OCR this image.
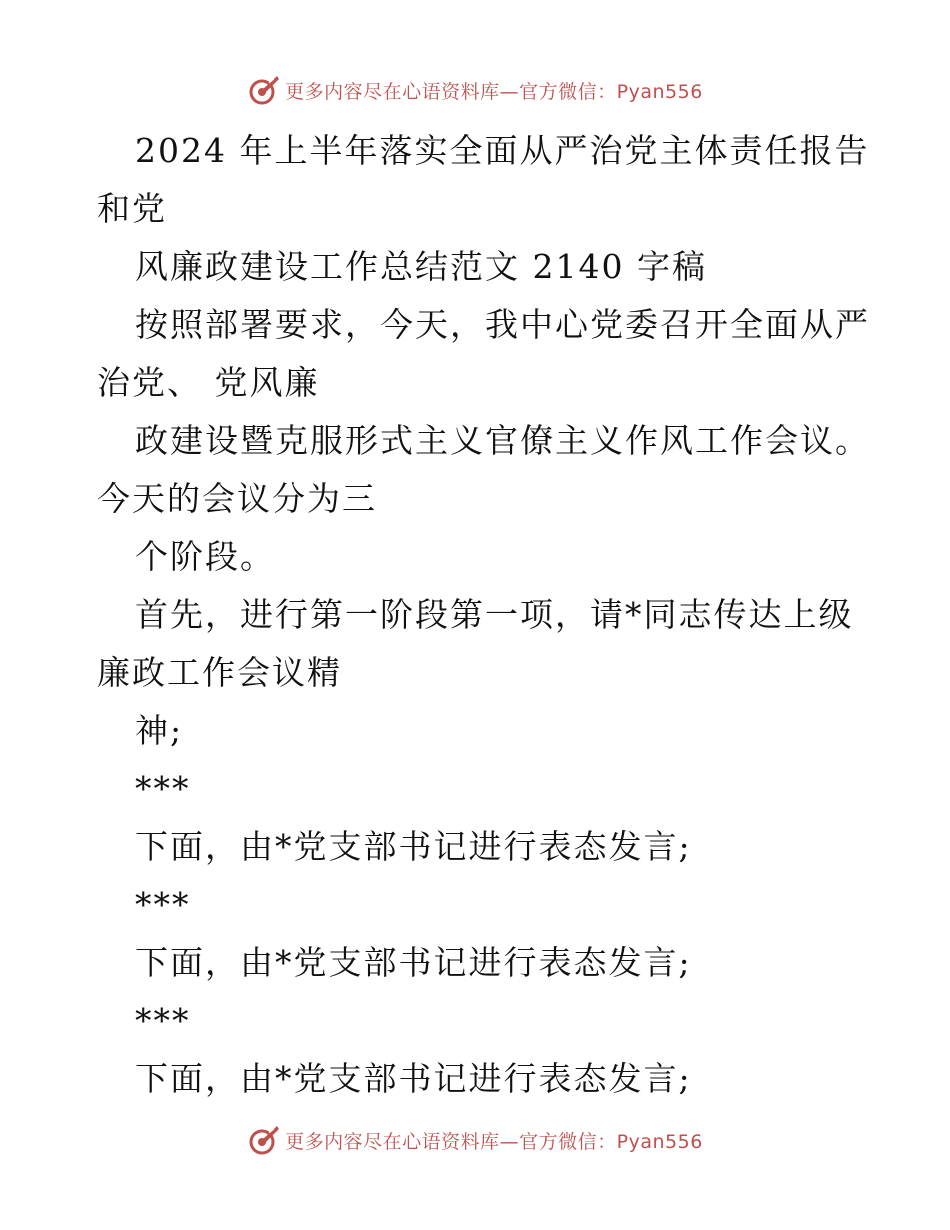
更多内容尽在心语资料库—官方微信：Pyan556
2024 年上半年落实全面从严治党主体责任报告
和党
风廉政建设工作总结范文 2140 字稿
按照部署要求，今天，我中心党委召开全面从严
治党、 党风廉
政建设暨克服形式主义官僚主义作风工作会议。
今天的会议分为三
个阶段。
首先，进行第一阶段第一项，请*同志传达上级
廉政工作会议精
神;
***
下面，由*党支部书记进行表态发言;
***
下面，由*党支部书记进行表态发言;
***
下面，由*党支部书记进行表态发言;
更多内容尽在心语资料库—官方微信：Pyan556
